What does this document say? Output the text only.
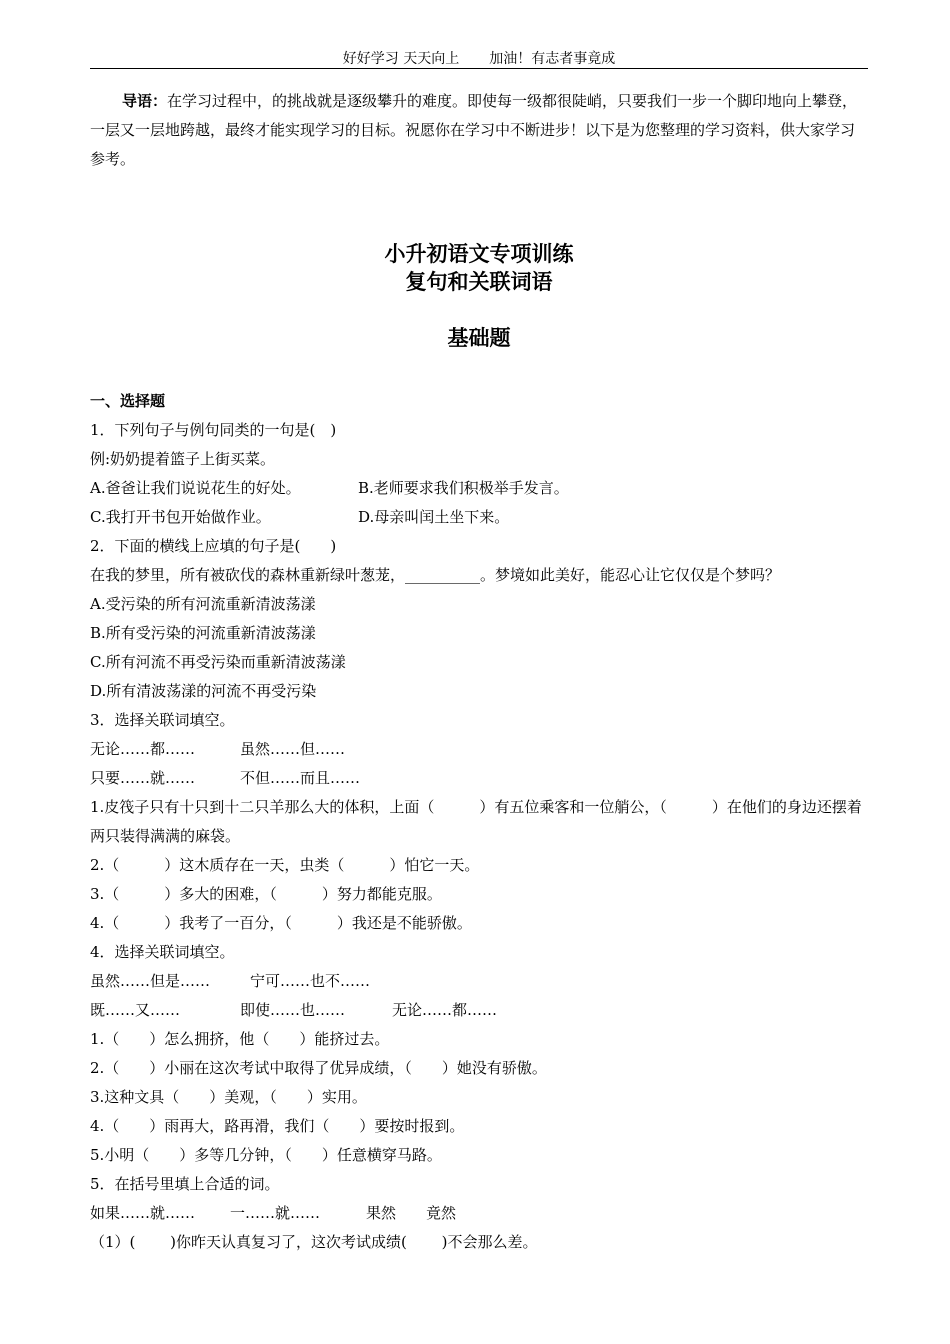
好好学习 天天向上 加油！有志者事竟成

导语：在学习过程中，的挑战就是逐级攀升的难度。即使每一级都很陡峭，只要我们一步一个脚印地向上攀登，一层又一层地跨越，最终才能实现学习的目标。祝愿你在学习中不断进步！以下是为您整理的学习资料，供大家学习参考。

小升初语文专项训练
复句和关联词语
基础题
一、选择题
1．下列句子与例句同类的一句是(　)
例:奶奶提着篮子上街买菜。
A.爸爸让我们说说花生的好处。	B.老师要求我们积极举手发言。
C.我打开书包开始做作业。	D.母亲叫闰土坐下来。
2．下面的横线上应填的句子是(　　)
在我的梦里，所有被砍伐的森林重新绿叶葱茏，__________。梦境如此美好，能忍心让它仅仅是个梦吗？
A.受污染的所有河流重新清波荡漾
B.所有受污染的河流重新清波荡漾
C.所有河流不再受污染而重新清波荡漾
D.所有清波荡漾的河流不再受污染
3．选择关联词填空。
无论……都……	虽然……但……
只要……就……	不但……而且……
1.皮筏子只有十只到十二只羊那么大的体积，上面（　　　）有五位乘客和一位艄公，（　　　）在他们的身边还摆着两只装得满满的麻袋。
2.（　　　）这木质存在一天，虫类（　　　）怕它一天。
3.（　　　）多大的困难，（　　　）努力都能克服。
4.（　　　）我考了一百分，（　　　）我还是不能骄傲。
4．选择关联词填空。
虽然……但是……	宁可……也不……
既……又……	即使……也……	无论……都……
1.（　　）怎么拥挤，他（　　）能挤过去。
2.（　　）小丽在这次考试中取得了优异成绩，（　　）她没有骄傲。
3.这种文具（　　）美观，（　　）实用。
4.（　　）雨再大，路再滑，我们（　　）要按时报到。
5.小明（　　）多等几分钟，（　　）任意横穿马路。
5．在括号里填上合适的词。
如果……就…… 一……就……	果然 竟然
（1）(　　 )你昨天认真复习了，这次考试成绩(　　 )不会那么差。
